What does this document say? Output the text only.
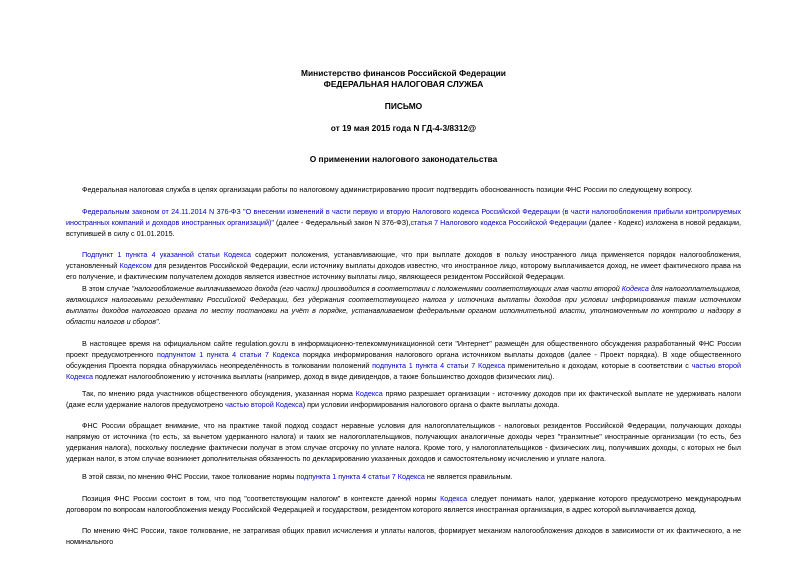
Министерство финансов Российской Федерации
ФЕДЕРАЛЬНАЯ НАЛОГОВАЯ СЛУЖБА
ПИСЬМО
от 19 мая 2015 года N ГД-4-3/8312@
О применении налогового законодательства
Федеральная налоговая служба в целях организации работы по налоговому администрированию просит подтвердить обоснованность позиции ФНС России по следующему вопросу.
Федеральным законом от 24.11.2014 N 376-ФЗ "О внесении изменений в части первую и вторую Налогового кодекса Российской Федерации (в части налогообложения прибыли контролируемых иностранных компаний и доходов иностранных организаций)" (далее - Федеральный закон N 376-ФЗ),статья 7 Налогового кодекса Российской Федерации (далее - Кодекс) изложена в новой редакции, вступившей в силу с 01.01.2015.
Подпункт 1 пункта 4 указанной статьи Кодекса содержит положения, устанавливающие, что при выплате доходов в пользу иностранного лица применяется порядок налогообложения, установленный Кодексом для резидентов Российской Федерации, если источнику выплаты доходов известно, что иностранное лицо, которому выплачивается доход, не имеет фактического права на его получение, и фактическим получателем доходов является известное источнику выплаты лицо, являющееся резидентом Российской Федерации.
В этом случае "налогообложение выплачиваемого дохода (его части) производится в соответствии с положениями соответствующих глав части второй Кодекса для налогоплательщиков, являющихся налоговыми резидентами Российской Федерации, без удержания соответствующего налога у источника выплаты доходов при условии информирования таким источником выплаты доходов налогового органа по месту постановки на учёт в порядке, устанавливаемом федеральным органом исполнительной власти, уполномоченным по контролю и надзору в области налогов и сборов".
В настоящее время на официальном сайте regulation.gov.ru в информационно-телекоммуникационной сети "Интернет" размещён для общественного обсуждения разработанный ФНС России проект предусмотренного подпунктом 1 пункта 4 статьи 7 Кодекса порядка информирования налогового органа источником выплаты доходов (далее - Проект порядка). В ходе общественного обсуждения Проекта порядка обнаружилась неопределённость в толковании положений подпункта 1 пункта 4 статьи 7 Кодекса применительно к доходам, которые в соответствии с частью второй Кодекса подлежат налогообложению у источника выплаты (например, доход в виде дивидендов, а также большинство доходов физических лиц).
Так, по мнению ряда участников общественного обсуждения, указанная норма Кодекса прямо разрешает организации - источнику доходов при их фактической выплате не удерживать налоги (даже если удержание налогов предусмотрено частью второй Кодекса) при условии информирования налогового органа о факте выплаты дохода.
ФНС России обращает внимание, что на практике такой подход создаст неравные условия для налогоплательщиков - налоговых резидентов Российской Федерации, получающих доходы напрямую от источника (то есть, за вычетом удержанного налога) и таких же налогоплательщиков, получающих аналогичные доходы через "транзитные" иностранные организации (то есть, без удержания налога), поскольку последние фактически получат в этом случае отсрочку по уплате налога. Кроме того, у налогоплательщиков - физических лиц, получивших доходы, с которых не был удержан налог, в этом случае возникнет дополнительная обязанность по декларированию указанных доходов и самостоятельному исчислению и уплате налога.
В этой связи, по мнению ФНС России, такое толкование нормы подпункта 1 пункта 4 статьи 7 Кодекса не является правильным.
Позиция ФНС России состоит в том, что под "соответствующим налогом" в контексте данной нормы Кодекса следует понимать налог, удержание которого предусмотрено международным договором по вопросам налогообложения между Российской Федерацией и государством, резидентом которого является иностранная организация, в адрес которой выплачивается доход.
По мнению ФНС России, такое толкование, не затрагивая общих правил исчисления и уплаты налогов, формирует механизм налогообложения доходов в зависимости от их фактического, а не номинального
